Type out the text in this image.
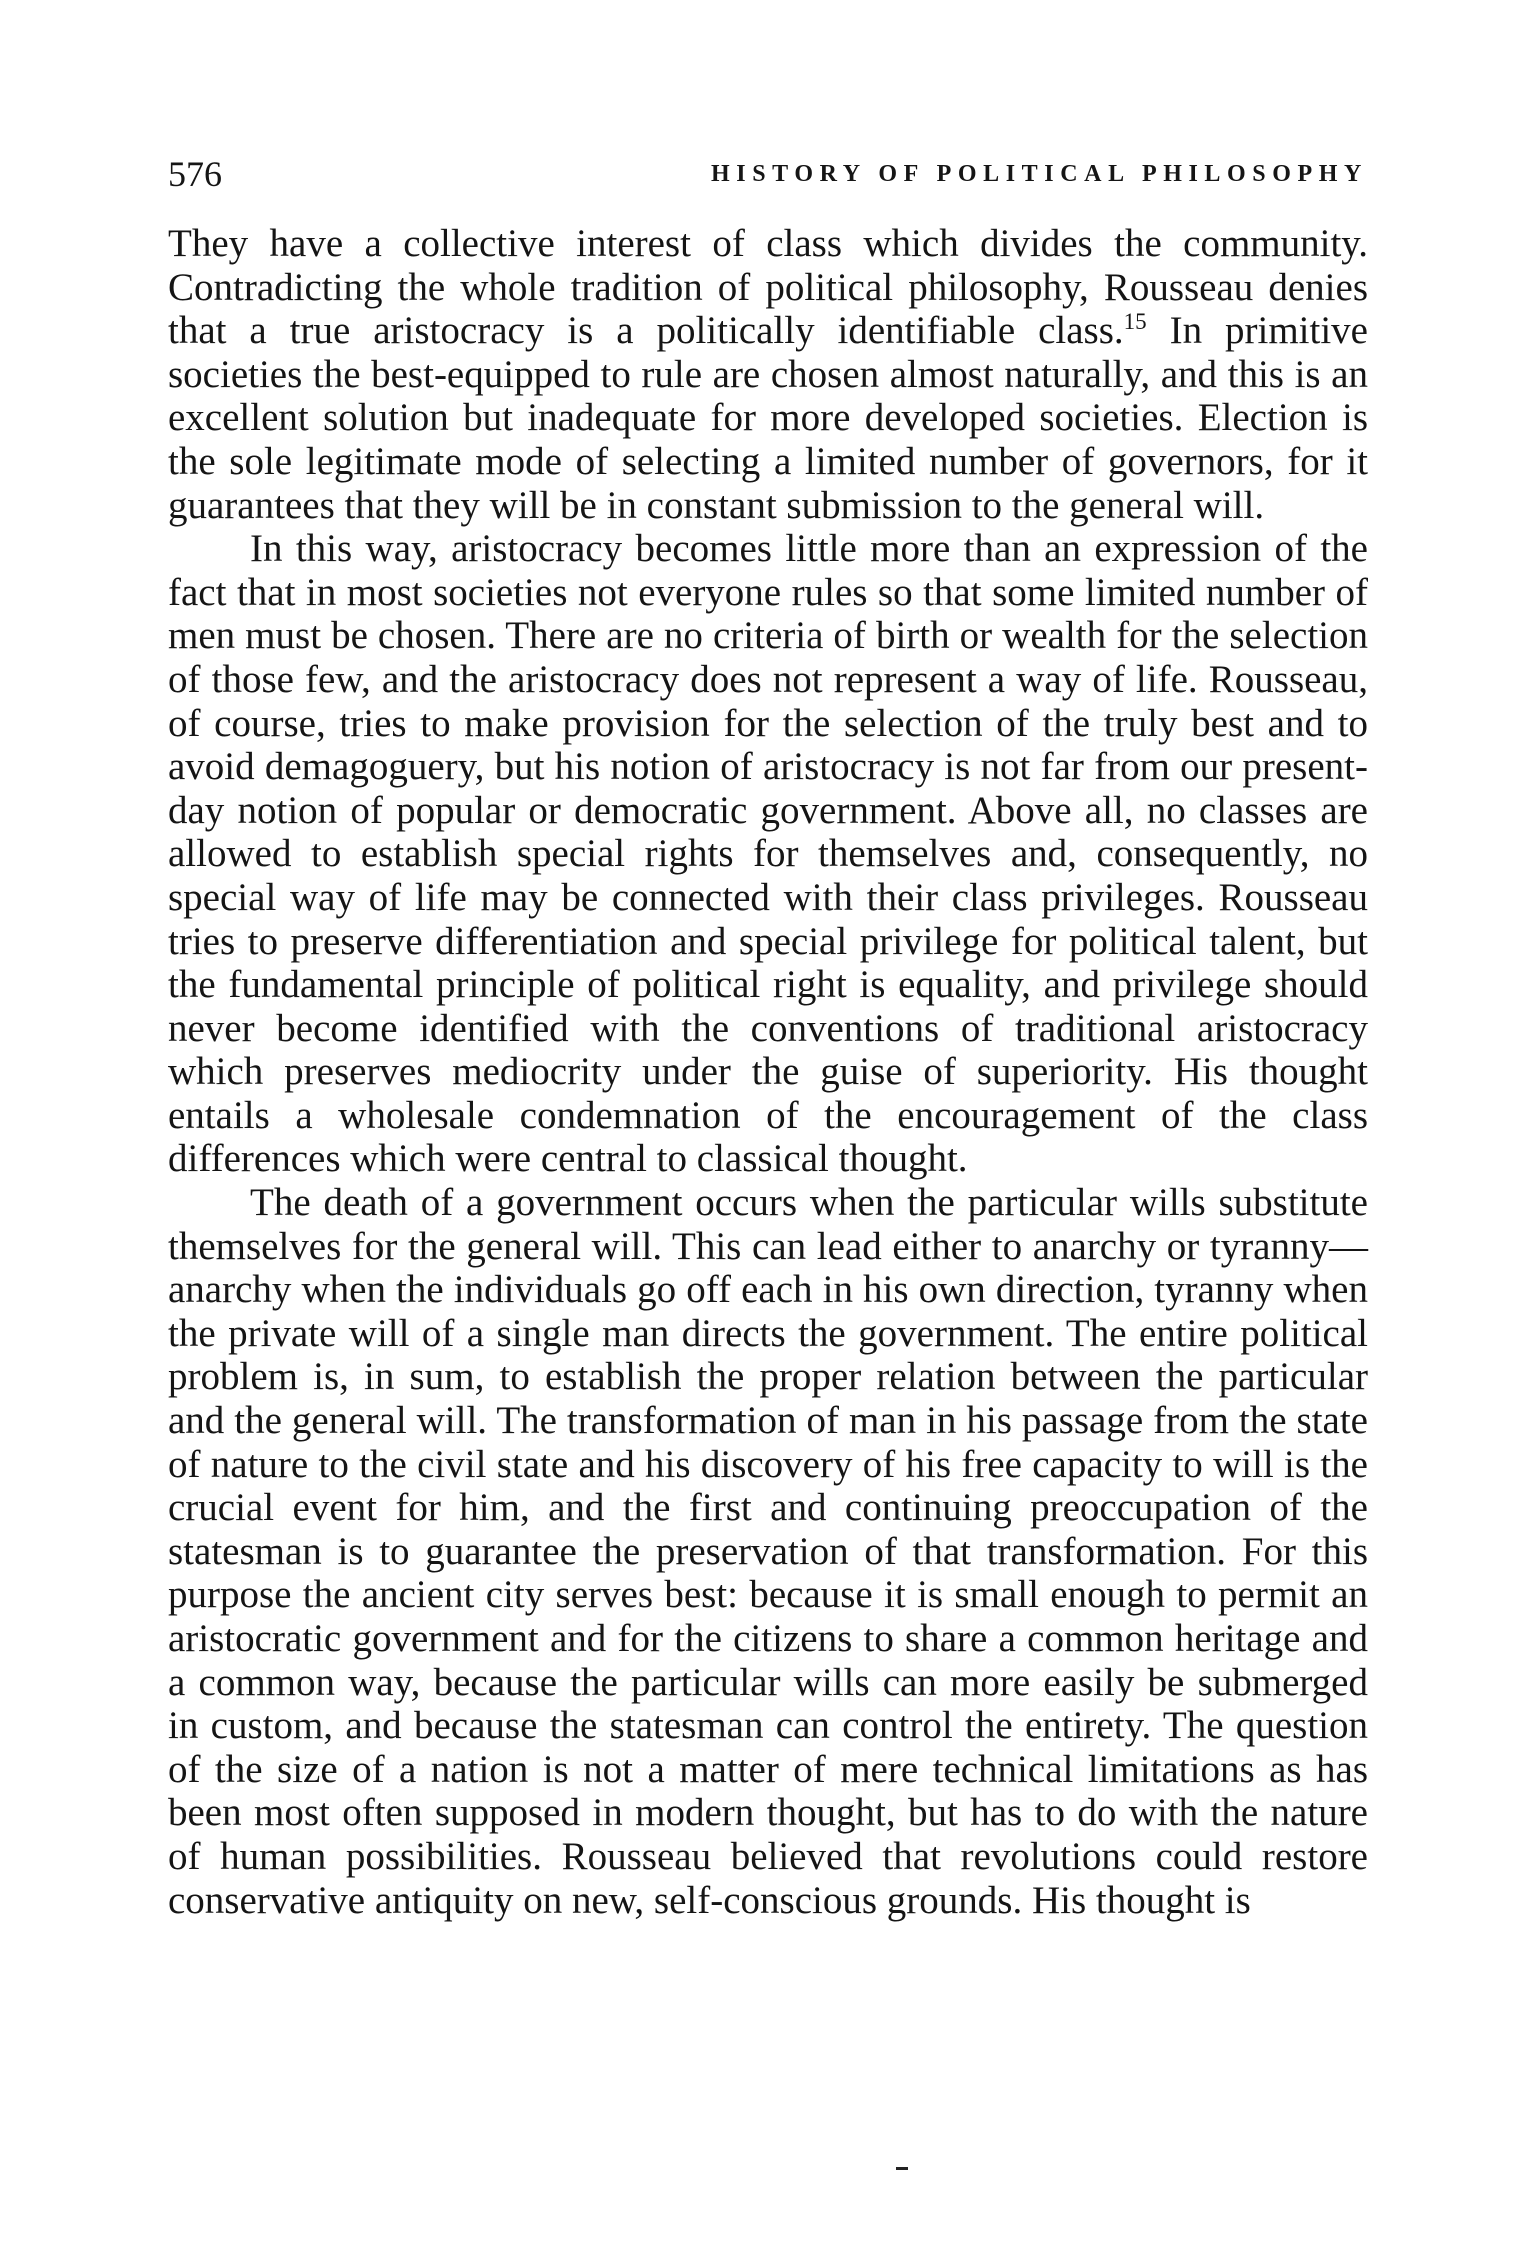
576	HISTORY OF POLITICAL PHILOSOPHY

They have a collective interest of class which divides the community. Contradicting the whole tradition of political philosophy, Rousseau denies that a true aristocracy is a politically identifiable class.$^{15}$ In primitive societies the best-equipped to rule are chosen almost naturally, and this is an excellent solution but inadequate for more developed societies. Election is the sole legitimate mode of selecting a limited number of governors, for it guarantees that they will be in constant submission to the general will.

In this way, aristocracy becomes little more than an expression of the fact that in most societies not everyone rules so that some limited number of men must be chosen. There are no criteria of birth or wealth for the selection of those few, and the aristocracy does not represent a way of life. Rousseau, of course, tries to make provision for the selection of the truly best and to avoid demagoguery, but his notion of aristocracy is not far from our present-day notion of popular or democratic government. Above all, no classes are allowed to establish special rights for themselves and, consequently, no special way of life may be connected with their class privileges. Rousseau tries to preserve differentiation and special privilege for political talent, but the fundamental principle of political right is equality, and privilege should never become identified with the conventions of traditional aristocracy which preserves mediocrity under the guise of superiority. His thought entails a wholesale condemnation of the encouragement of the class differences which were central to classical thought.

The death of a government occurs when the particular wills substitute themselves for the general will. This can lead either to anarchy or tyranny—anarchy when the individuals go off each in his own direction, tyranny when the private will of a single man directs the government. The entire political problem is, in sum, to establish the proper relation between the particular and the general will. The transformation of man in his passage from the state of nature to the civil state and his discovery of his free capacity to will is the crucial event for him, and the first and continuing preoccupation of the statesman is to guarantee the preservation of that transformation. For this purpose the ancient city serves best: because it is small enough to permit an aristocratic government and for the citizens to share a common heritage and a common way, because the particular wills can more easily be submerged in custom, and because the statesman can control the entirety. The question of the size of a nation is not a matter of mere technical limitations as has been most often supposed in modern thought, but has to do with the nature of human possibilities. Rousseau believed that revolutions could restore conservative antiquity on new, self-conscious grounds. His thought is
